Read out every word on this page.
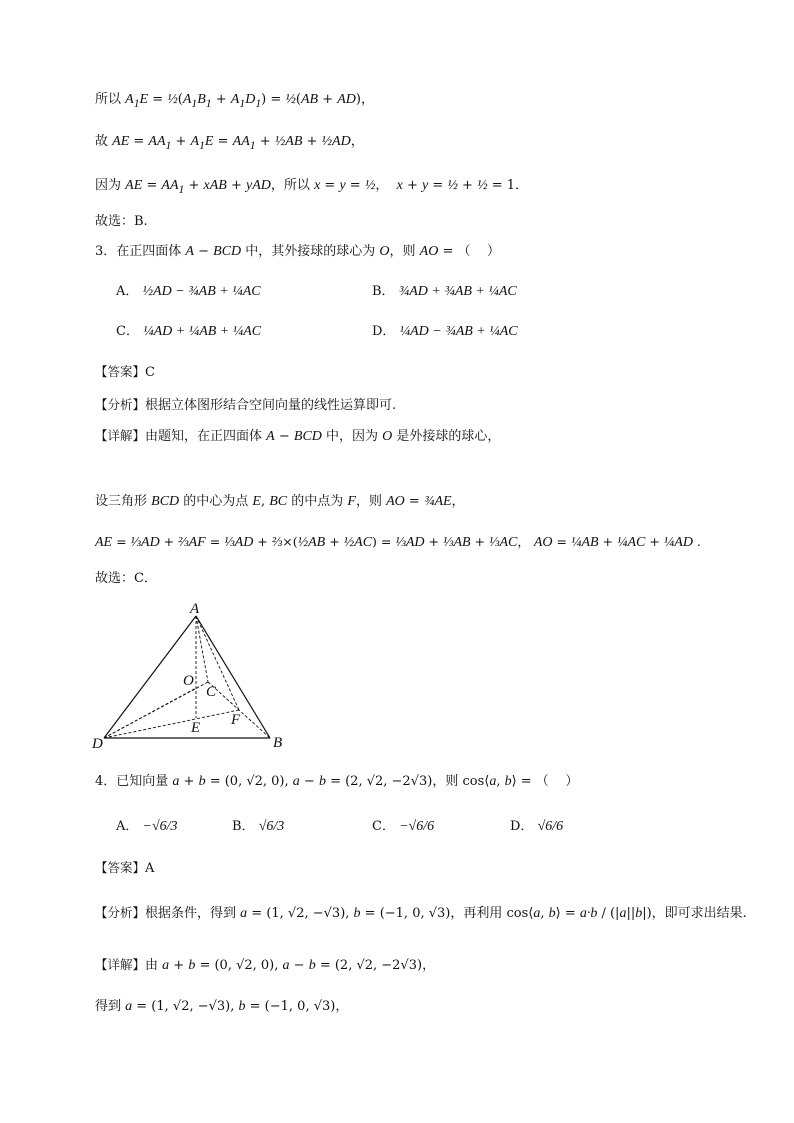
所以 $A_1E$ = $\frac{1}{2}(A_1B_1 + A_1D_1)$ = ½(AB + AD)，
故 AE = $AA_1 + A_1E = AA_1$ + ½AB + ½AD，
因为 AE = $AA_1$ + xAB + yAD，所以 x = y = ½，  x + y = ½ + ½ = 1．
故选：B.
3．在正四面体 A − BCD 中，其外接球的球心为 O，则 AO = （    ）
A． ½AD − ¾AB + ¼AC	B． ¾AD + ¾AB + ¼AC
C． ¼AD + ¼AB + ¼AC	D． ¼AD − ¾AB + ¼AC
【答案】C
【分析】根据立体图形结合空间向量的线性运算即可.
【详解】由题知，在正四面体 A − BCD 中，因为 O 是外接球的球心，
设三角形 BCD 的中心为点 E, BC 的中点为 F，则 AO = ¾AE，
AE = ⅓AD + ⅔AF = ⅓AD + ⅔×(½AB + ½AC) = ⅓AD + ⅓AB + ⅓AC， AO = ¼AB + ¼AC + ¼AD .
故选：C．
A
B
C
D
O
E F
4．已知向量 a + b = (0, √2, 0), a − b = (2, √2, −2√3)，则 cos⟨a, b⟩ = （    ）
A． −√6/3	B． √6/3	C． −√6/6	D． √6/6
【答案】A
【分析】根据条件，得到 a = (1, √2, −√3), b = (−1, 0, √3)，再利用 cos⟨a, b⟩ = a·b / (|a||b|)，即可求出结果.
【详解】由 a + b = (0, √2, 0), a − b = (2, √2, −2√3)，
得到 a = (1, √2, −√3), b = (−1, 0, √3)，
